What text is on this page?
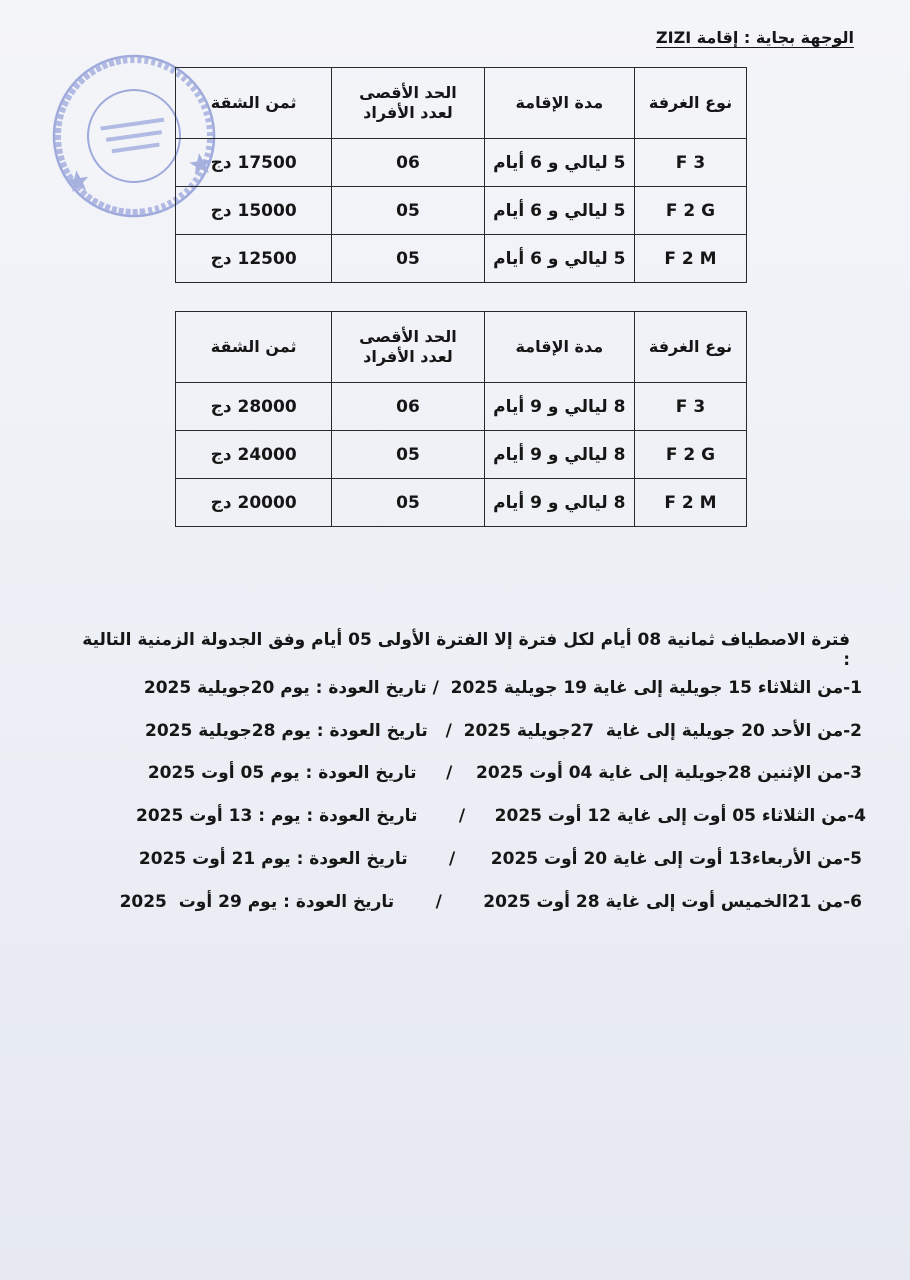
الوجهة بجاية : إقامة ZIZI
نوع الغرفة	مدة الإقامة	الحد الأقصى لعدد الأفراد	ثمن الشقة
F 3	5 ليالي و 6 أيام	06	17500 دج
F 2 G	5 ليالي و 6 أيام	05	15000 دج
F 2 M	5 ليالي و 6 أيام	05	12500 دج
نوع الغرفة	مدة الإقامة	الحد الأقصى لعدد الأفراد	ثمن الشقة
F 3	8 ليالي و 9 أيام	06	28000 دج
F 2 G	8 ليالي و 9 أيام	05	24000 دج
F 2 M	8 ليالي و 9 أيام	05	20000 دج
فترة الاصطياف ثمانية 08 أيام لكل فترة إلا الفترة الأولى 05 أيام وفق الجدولة الزمنية التالية :
1-من الثلاثاء 15 جويلية إلى غاية 19 جويلية 2025  / تاريخ العودة : يوم 20جويلية 2025
2-من الأحد 20 جويلية إلى غاية  27جويلية 2025  /   تاريخ العودة : يوم 28جويلية 2025
3-من الإثنين 28جويلية إلى غاية 04 أوت 2025    /     تاريخ العودة : يوم 05 أوت 2025
4-من الثلاثاء 05 أوت إلى غاية 12 أوت 2025     /       تاريخ العودة : يوم : 13 أوت 2025
5-من الأربعاء13 أوت إلى غاية 20 أوت 2025      /       تاريخ العودة : يوم 21 أوت 2025
6-من 21الخميس أوت إلى غاية 28 أوت 2025       /       تاريخ العودة : يوم 29 أوت  2025
